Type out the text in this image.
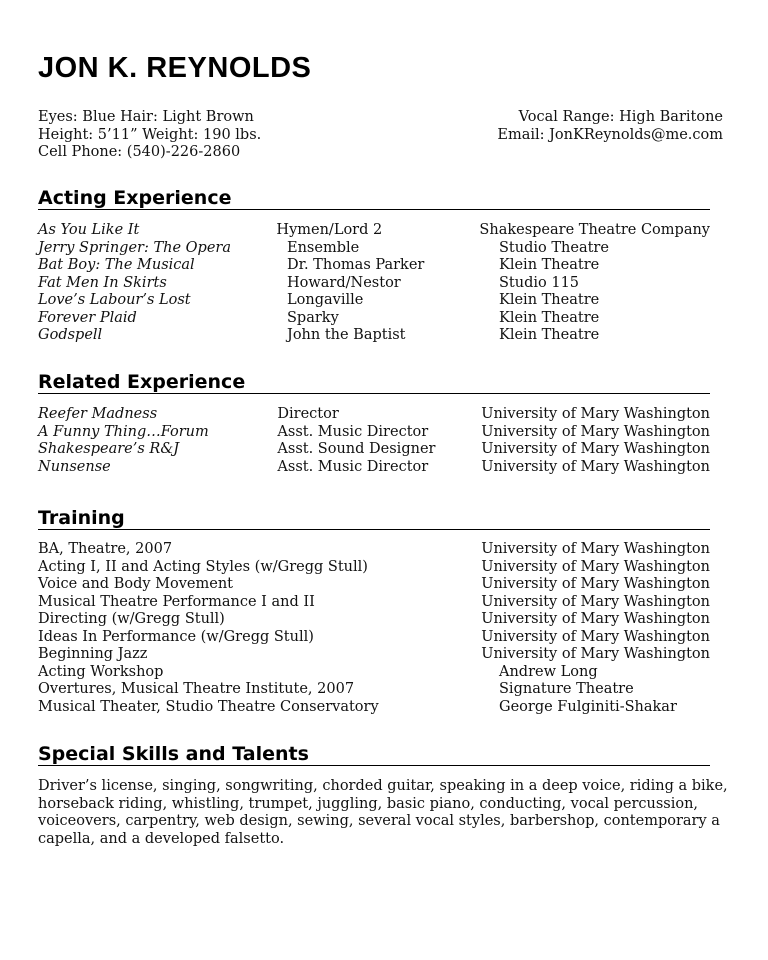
JON K. REYNOLDS
Eyes: Blue Hair: Light Brown
Height: 5’11” Weight: 190 lbs.
Cell Phone: (540)-226-2860
Vocal Range: High Baritone
Email: JonKReynolds@me.com
Acting Experience
As You Like It	Hymen/Lord 2	Shakespeare Theatre Company
Jerry Springer: The Opera	Ensemble	Studio Theatre
Bat Boy: The Musical	Dr. Thomas Parker	Klein Theatre
Fat Men In Skirts	Howard/Nestor	Studio 115
Love’s Labour’s Lost	Longaville	Klein Theatre
Forever Plaid	Sparky	Klein Theatre
Godspell	John the Baptist	Klein Theatre
Related Experience
Reefer Madness	Director	University of Mary Washington
A Funny Thing…Forum	Asst. Music Director	University of Mary Washington
Shakespeare’s R&J	Asst. Sound Designer	University of Mary Washington
Nunsense	Asst. Music Director	University of Mary Washington
Training
BA, Theatre, 2007	University of Mary Washington
Acting I, II and Acting Styles (w/Gregg Stull)	University of Mary Washington
Voice and Body Movement	University of Mary Washington
Musical Theatre Performance I and II	University of Mary Washington
Directing (w/Gregg Stull)	University of Mary Washington
Ideas In Performance (w/Gregg Stull)	University of Mary Washington
Beginning Jazz	University of Mary Washington
Acting Workshop	Andrew Long
Overtures, Musical Theatre Institute, 2007	Signature Theatre
Musical Theater, Studio Theatre Conservatory	George Fulginiti-Shakar
Special Skills and Talents
Driver’s license, singing, songwriting, chorded guitar, speaking in a deep voice, riding a bike, horseback riding, whistling, trumpet, juggling, basic piano, conducting, vocal percussion, voiceovers, carpentry, web design, sewing, several vocal styles, barbershop, contemporary a capella, and a developed falsetto.
